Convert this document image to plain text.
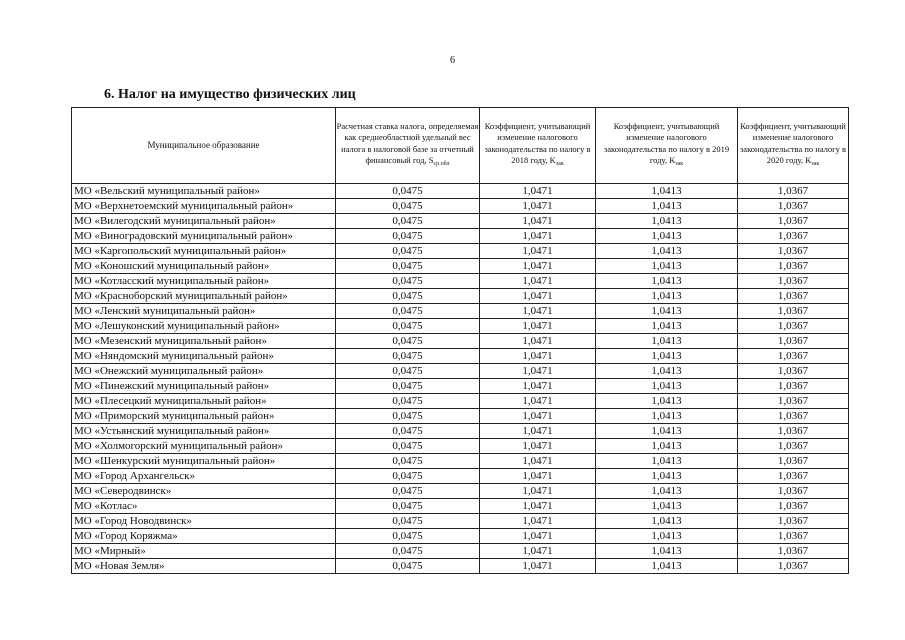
6
6. Налог на имущество физических лиц
Муниципальное образование	Расчетная ставка налога, определяемая как среднеобластной удельный вес налога в налоговой базе за отчетный финансовый год, $S_{ср.обл}$	Коэффициент, учитывающий изменение налогового законодательства по налогу в 2018 году, $K_{зак}$	Коэффициент, учитывающий изменение налогового законодательства по налогу в 2019 году, $K_{зак}$	Коэффициент, учитывающий изменение налогового законодательства по налогу в 2020 году, $K_{зак}$
МО «Вельский муниципальный район»	0,0475	1,0471	1,0413	1,0367
МО «Верхнетоемский муниципальный район»	0,0475	1,0471	1,0413	1,0367
МО «Вилегодский муниципальный район»	0,0475	1,0471	1,0413	1,0367
МО «Виноградовский муниципальный район»	0,0475	1,0471	1,0413	1,0367
МО «Каргопольский муниципальный район»	0,0475	1,0471	1,0413	1,0367
МО «Коношский муниципальный район»	0,0475	1,0471	1,0413	1,0367
МО «Котласский муниципальный район»	0,0475	1,0471	1,0413	1,0367
МО «Красноборский муниципальный район»	0,0475	1,0471	1,0413	1,0367
МО «Ленский муниципальный район»	0,0475	1,0471	1,0413	1,0367
МО «Лешуконский муниципальный район»	0,0475	1,0471	1,0413	1,0367
МО «Мезенский муниципальный район»	0,0475	1,0471	1,0413	1,0367
МО «Няндомский муниципальный район»	0,0475	1,0471	1,0413	1,0367
МО «Онежский муниципальный район»	0,0475	1,0471	1,0413	1,0367
МО «Пинежский муниципальный район»	0,0475	1,0471	1,0413	1,0367
МО «Плесецкий муниципальный район»	0,0475	1,0471	1,0413	1,0367
МО «Приморский муниципальный район»	0,0475	1,0471	1,0413	1,0367
МО «Устьянский муниципальный район»	0,0475	1,0471	1,0413	1,0367
МО «Холмогорский муниципальный район»	0,0475	1,0471	1,0413	1,0367
МО «Шенкурский муниципальный район»	0,0475	1,0471	1,0413	1,0367
МО «Город Архангельск»	0,0475	1,0471	1,0413	1,0367
МО «Северодвинск»	0,0475	1,0471	1,0413	1,0367
МО «Котлас»	0,0475	1,0471	1,0413	1,0367
МО «Город Новодвинск»	0,0475	1,0471	1,0413	1,0367
МО «Город Коряжма»	0,0475	1,0471	1,0413	1,0367
МО «Мирный»	0,0475	1,0471	1,0413	1,0367
МО «Новая Земля»	0,0475	1,0471	1,0413	1,0367
